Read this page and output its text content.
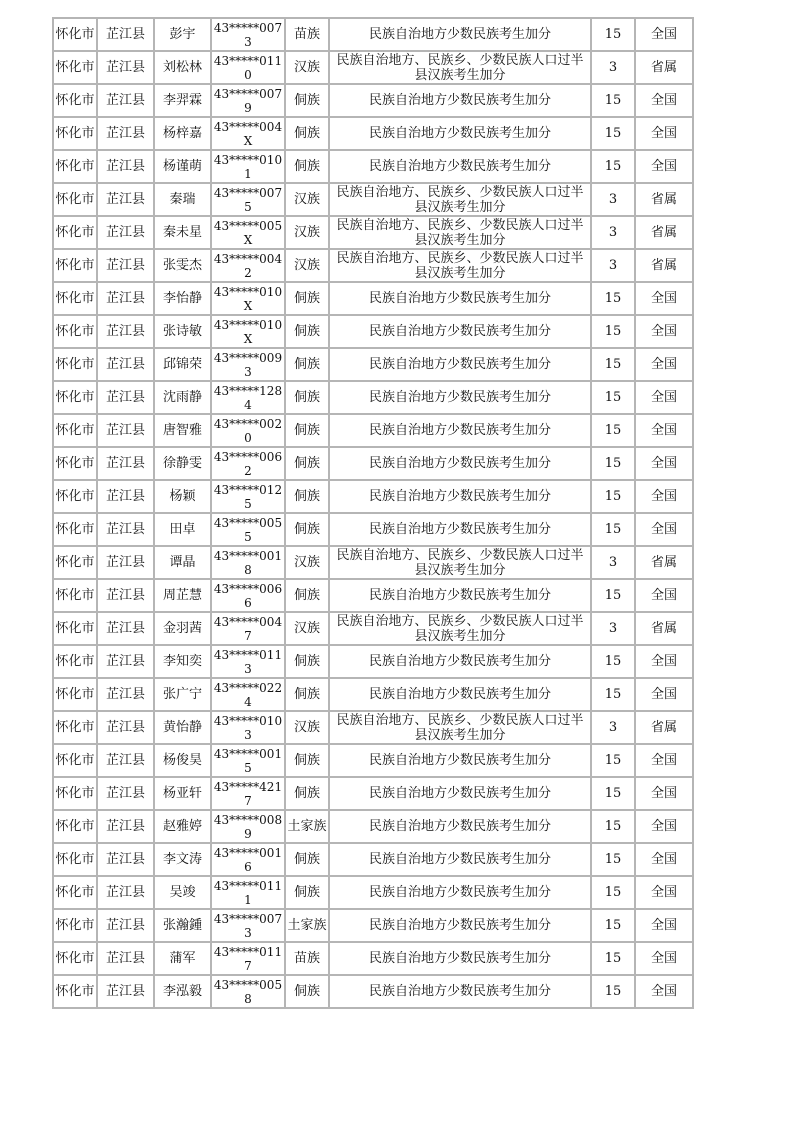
怀化市	芷江县	彭宇	43*****0073	苗族	民族自治地方少数民族考生加分	15	全国
怀化市	芷江县	刘松林	43*****0110	汉族	民族自治地方、民族乡、少数民族人口过半县汉族考生加分	3	省属
怀化市	芷江县	李羿霖	43*****0079	侗族	民族自治地方少数民族考生加分	15	全国
怀化市	芷江县	杨梓嘉	43*****004X	侗族	民族自治地方少数民族考生加分	15	全国
怀化市	芷江县	杨谨萌	43*****0101	侗族	民族自治地方少数民族考生加分	15	全国
怀化市	芷江县	秦瑞	43*****0075	汉族	民族自治地方、民族乡、少数民族人口过半县汉族考生加分	3	省属
怀化市	芷江县	秦未星	43*****005X	汉族	民族自治地方、民族乡、少数民族人口过半县汉族考生加分	3	省属
怀化市	芷江县	张雯杰	43*****0042	汉族	民族自治地方、民族乡、少数民族人口过半县汉族考生加分	3	省属
怀化市	芷江县	李怡静	43*****010X	侗族	民族自治地方少数民族考生加分	15	全国
怀化市	芷江县	张诗敏	43*****010X	侗族	民族自治地方少数民族考生加分	15	全国
怀化市	芷江县	邱锦荣	43*****0093	侗族	民族自治地方少数民族考生加分	15	全国
怀化市	芷江县	沈雨静	43*****1284	侗族	民族自治地方少数民族考生加分	15	全国
怀化市	芷江县	唐智雅	43*****0020	侗族	民族自治地方少数民族考生加分	15	全国
怀化市	芷江县	徐静雯	43*****0062	侗族	民族自治地方少数民族考生加分	15	全国
怀化市	芷江县	杨颖	43*****0125	侗族	民族自治地方少数民族考生加分	15	全国
怀化市	芷江县	田卓	43*****0055	侗族	民族自治地方少数民族考生加分	15	全国
怀化市	芷江县	谭晶	43*****0018	汉族	民族自治地方、民族乡、少数民族人口过半县汉族考生加分	3	省属
怀化市	芷江县	周芷慧	43*****0066	侗族	民族自治地方少数民族考生加分	15	全国
怀化市	芷江县	金羽茜	43*****0047	汉族	民族自治地方、民族乡、少数民族人口过半县汉族考生加分	3	省属
怀化市	芷江县	李知奕	43*****0113	侗族	民族自治地方少数民族考生加分	15	全国
怀化市	芷江县	张广宁	43*****0224	侗族	民族自治地方少数民族考生加分	15	全国
怀化市	芷江县	黄怡静	43*****0103	汉族	民族自治地方、民族乡、少数民族人口过半县汉族考生加分	3	省属
怀化市	芷江县	杨俊昊	43*****0015	侗族	民族自治地方少数民族考生加分	15	全国
怀化市	芷江县	杨亚轩	43*****4217	侗族	民族自治地方少数民族考生加分	15	全国
怀化市	芷江县	赵雅婷	43*****0089	土家族	民族自治地方少数民族考生加分	15	全国
怀化市	芷江县	李文涛	43*****0016	侗族	民族自治地方少数民族考生加分	15	全国
怀化市	芷江县	吴竣	43*****0111	侗族	民族自治地方少数民族考生加分	15	全国
怀化市	芷江县	张瀚鍾	43*****0073	土家族	民族自治地方少数民族考生加分	15	全国
怀化市	芷江县	蒲军	43*****0117	苗族	民族自治地方少数民族考生加分	15	全国
怀化市	芷江县	李泓毅	43*****0058	侗族	民族自治地方少数民族考生加分	15	全国
